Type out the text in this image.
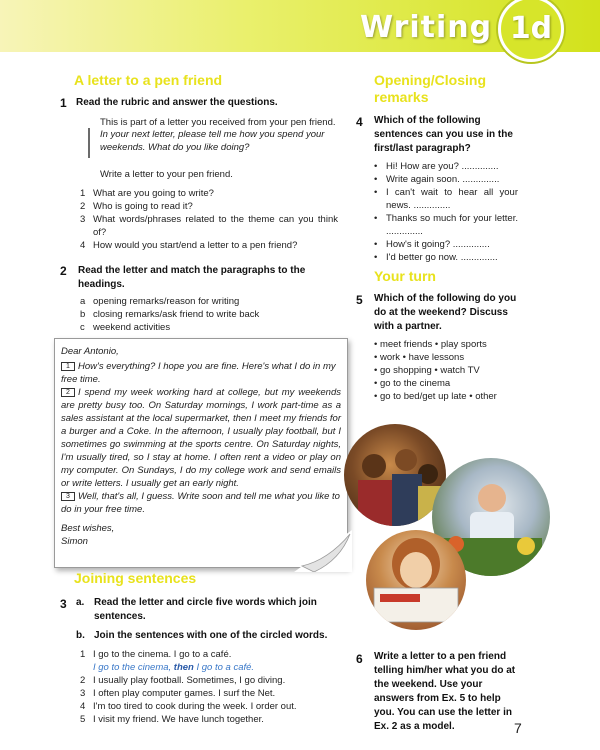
Writing 1d
A letter to a pen friend
1 Read the rubric and answer the questions.
This is part of a letter you received from your pen friend.
In your next letter, please tell me how you spend your weekends. What do you like doing?
Write a letter to your pen friend.
1 What are you going to write?
2 Who is going to read it?
3 What words/phrases related to the theme can you think of?
4 How would you start/end a letter to a pen friend?
2 Read the letter and match the paragraphs to the headings.
a opening remarks/reason for writing
b closing remarks/ask friend to write back
c weekend activities
Dear Antonio,
1 How's everything? I hope you are fine. Here's what I do in my free time.
2 I spend my week working hard at college, but my weekends are pretty busy too. On Saturday mornings, I work part-time as a sales assistant at the local supermarket, then I meet my friends for a burger and a Coke. In the afternoon, I usually play football, but I sometimes go swimming at the sports centre. On Saturday nights, I'm usually tired, so I stay at home. I often rent a video or play on my computer. On Sundays, I do my college work and send emails or write letters. I usually get an early night.
3 Well, that's all, I guess. Write soon and tell me what you like to do in your free time.
Best wishes,
Simon
Joining sentences
3 a. Read the letter and circle five words which join sentences.
b. Join the sentences with one of the circled words.
1 I go to the cinema. I go to a café.
I go to the cinema, then I go to a café.
2 I usually play football. Sometimes, I go diving.
3 I often play computer games. I surf the Net.
4 I'm too tired to cook during the week. I order out.
5 I visit my friend. We have lunch together.
Opening/Closing remarks
4 Which of the following sentences can you use in the first/last paragraph?
• Hi! How are you? ..............
• Write again soon. ..............
• I can't wait to hear all your news. ..............
• Thanks so much for your letter. ..............
• How's it going? ..............
• I'd better go now. ..............
Your turn
5 Which of the following do you do at the weekend? Discuss with a partner.
• meet friends • play sports
• work • have lessons
• go shopping • watch TV
• go to the cinema
• go to bed/get up late • other
6 Write a letter to a pen friend telling him/her what you do at the weekend. Use your answers from Ex. 5 to help you. You can use the letter in Ex. 2 as a model.	7
